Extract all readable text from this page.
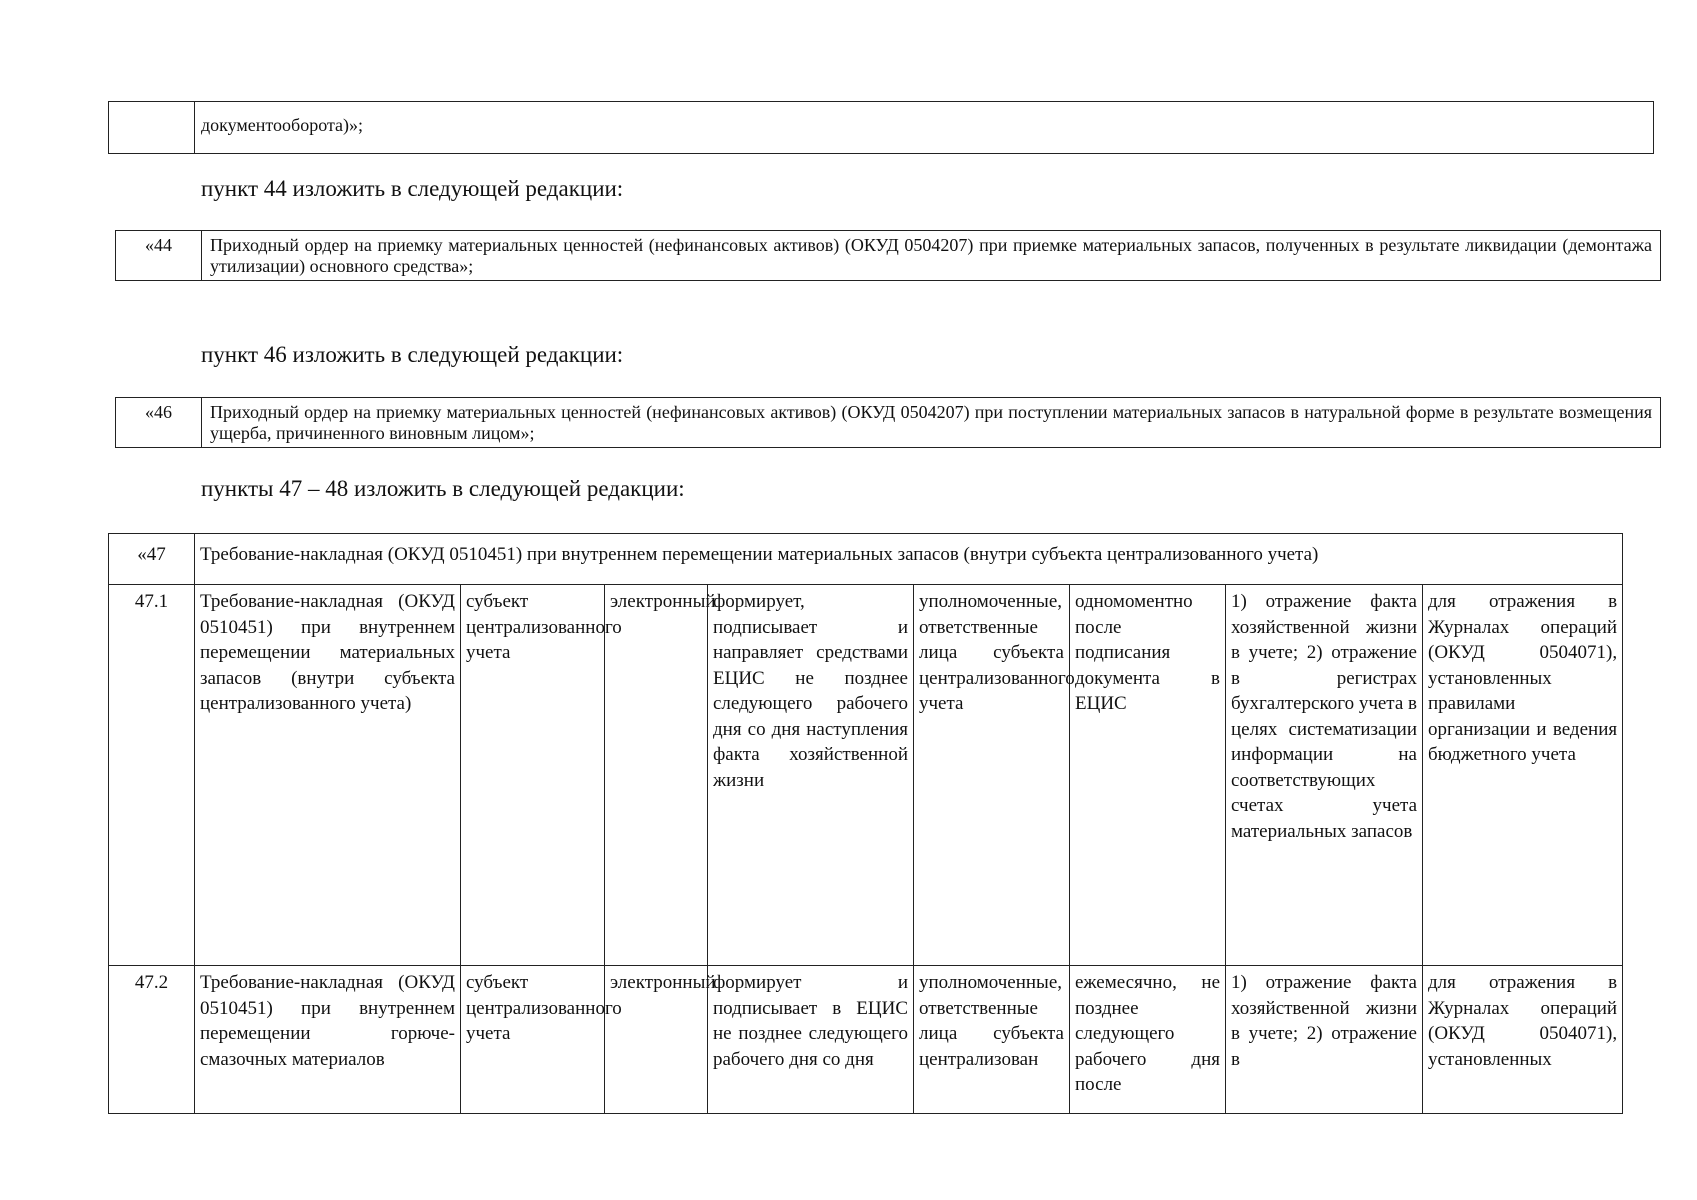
	документооборота)»;

пункт 44 изложить в следующей редакции:

«44	Приходный ордер на приемку материальных ценностей (нефинансовых активов) (ОКУД 0504207) при приемке материальных запасов, полученных в результате ликвидации (демонтажа утилизации) основного средства»;

пункт 46 изложить в следующей редакции:

«46	Приходный ордер на приемку материальных ценностей (нефинансовых активов) (ОКУД 0504207) при поступлении материальных запасов в натуральной форме в результате возмещения ущерба, причиненного виновным лицом»;

пункты 47 – 48 изложить в следующей редакции:

«47	Требование-накладная (ОКУД 0510451) при внутреннем перемещении материальных запасов (внутри субъекта централизованного учета)							
47.1	Требование-накладная (ОКУД 0510451) при внутреннем перемещении материальных запасов (внутри субъекта централизованного учета)	субъект централизованного учета	электронный	формирует, подписывает и направляет средствами ЕЦИС не позднее следующего рабочего дня со дня наступления факта хозяйственной жизни	уполномоченные, ответственные лица субъекта централизованного учета	одномоментно после подписания документа в ЕЦИС	1) отражение факта хозяйственной жизни в учете; 2) отражение в регистрах бухгалтерского учета в целях систематизации информации на соответствующих счетах учета материальных запасов	для отражения в Журналах операций (ОКУД 0504071), установленных правилами организации и ведения бюджетного учета
47.2	Требование-накладная (ОКУД 0510451) при внутреннем перемещении горюче-смазочных материалов	субъект централизованного учета	электронный	формирует и подписывает в ЕЦИС не позднее следующего рабочего дня со дня	уполномоченные, ответственные лица субъекта централизован	ежемесячно, не позднее следующего рабочего дня после	1) отражение факта хозяйственной жизни в учете; 2) отражение в	для отражения в Журналах операций (ОКУД 0504071), установленных
